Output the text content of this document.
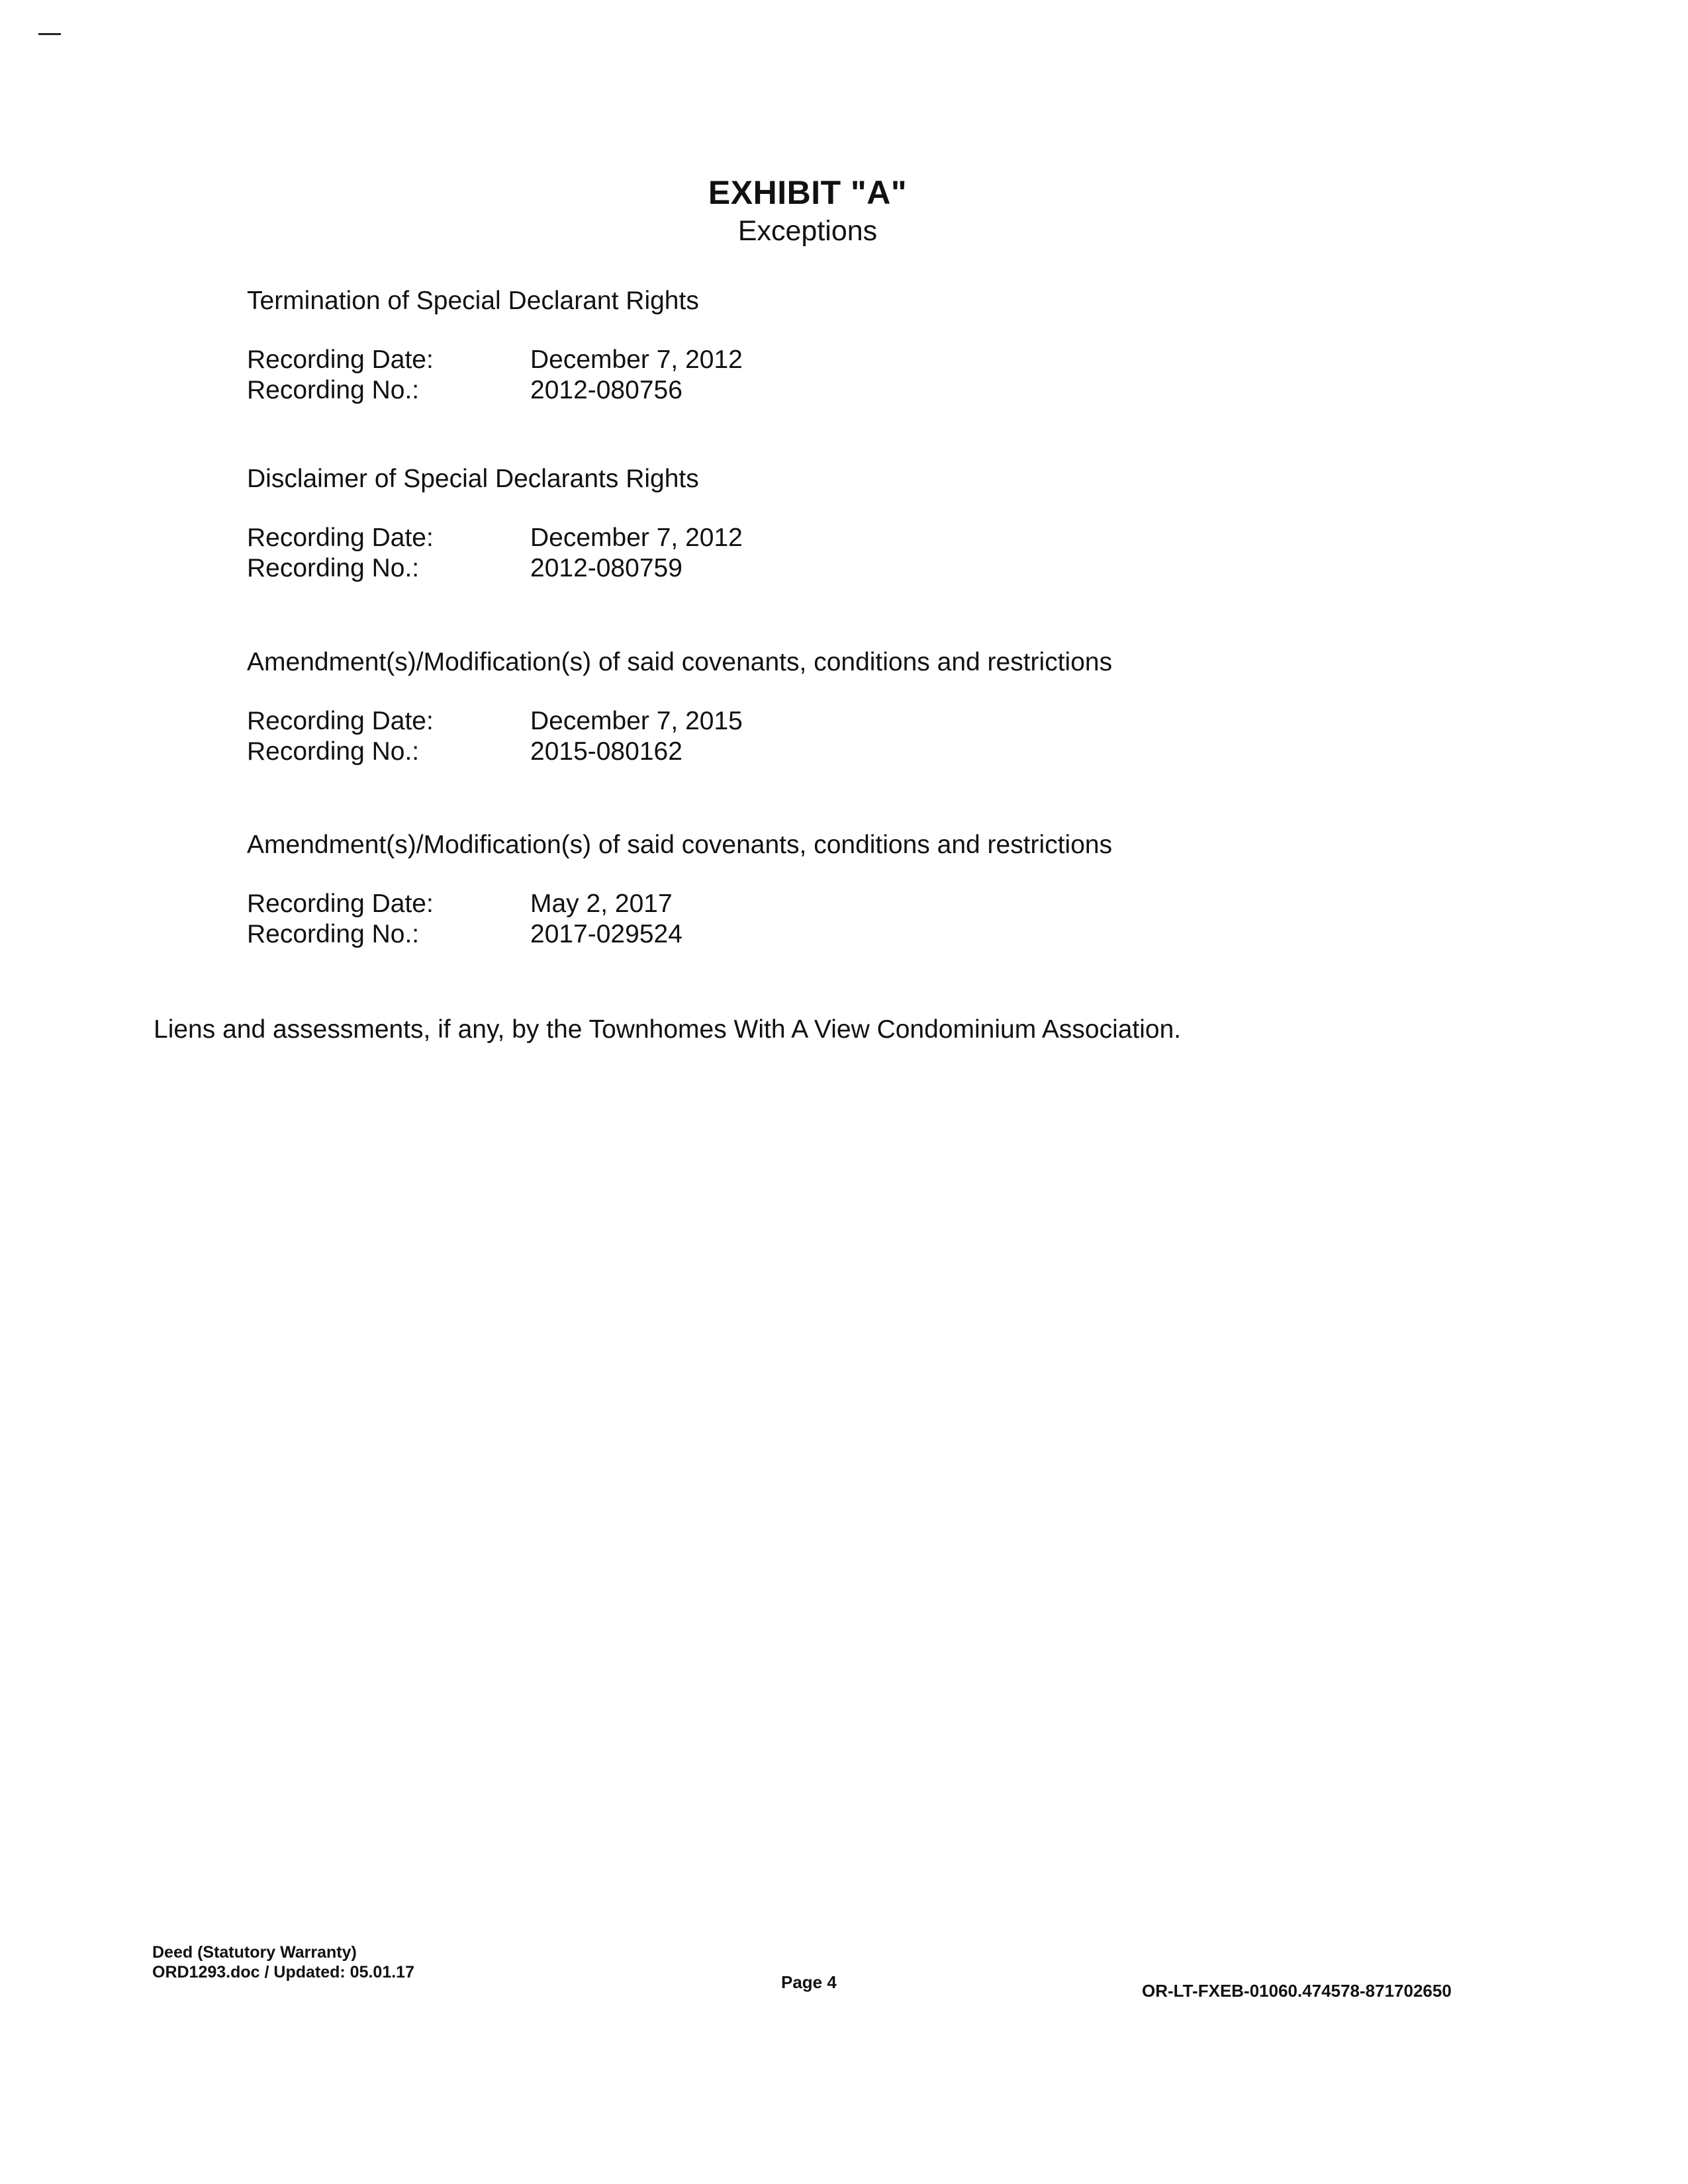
EXHIBIT "A"
Exceptions
Termination of Special Declarant Rights
Recording Date:	December 7, 2012
Recording No.:	2012-080756
Disclaimer of Special Declarants Rights
Recording Date:	December 7, 2012
Recording No.:	2012-080759
Amendment(s)/Modification(s) of said covenants, conditions and restrictions
Recording Date:	December 7, 2015
Recording No.:	2015-080162
Amendment(s)/Modification(s) of said covenants, conditions and restrictions
Recording Date:	May 2, 2017
Recording No.:	2017-029524
Liens and assessments, if any, by the Townhomes With A View Condominium Association.
Deed (Statutory Warranty)
ORD1293.doc / Updated: 05.01.17	Page 4	OR-LT-FXEB-01060.474578-871702650
